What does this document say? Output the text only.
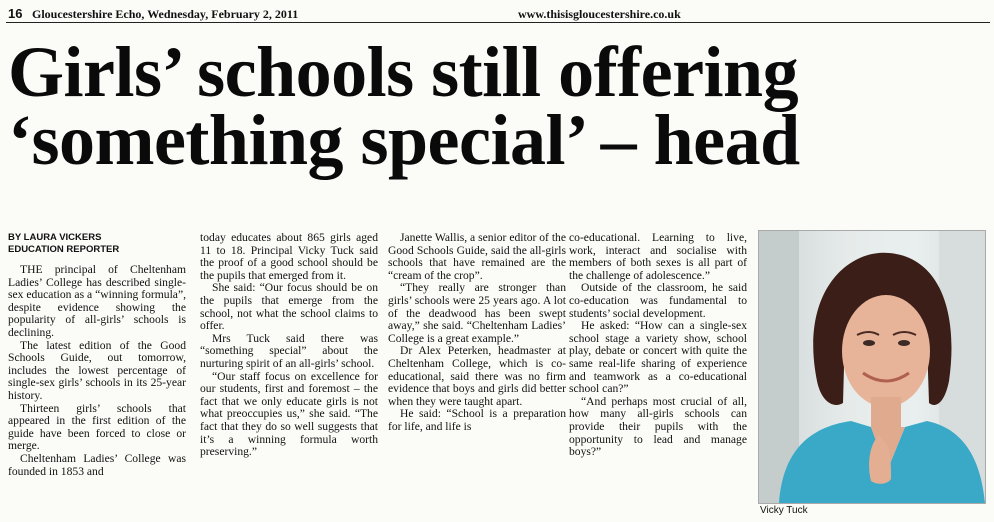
16 Gloucestershire Echo, Wednesday, February 2, 2011	www.thisisgloucestershire.co.uk
Girls’ schools still offering
‘something special’ – head
BY LAURA VICKERS
EDUCATION REPORTER

THE principal of Cheltenham Ladies’ College has described single-sex education as a “winning formula”, despite evidence showing the popularity of all-girls’ schools is declining.

The latest edition of the Good Schools Guide, out tomorrow, includes the lowest percentage of single-sex girls’ schools in its 25-year history.

Thirteen girls’ schools that appeared in the first edition of the guide have been forced to close or merge.

Cheltenham Ladies’ College was founded in 1853 and

today educates about 865 girls aged 11 to 18. Principal Vicky Tuck said the proof of a good school should be the pupils that emerged from it.

She said: “Our focus should be on the pupils that emerge from the school, not what the school claims to offer.

Mrs Tuck said there was “something special” about the nurturing spirit of an all-girls’ school.

“Our staff focus on excellence for our students, first and foremost – the fact that we only educate girls is not what preoccupies us,” she said. “The fact that they do so well suggests that it’s a winning formula worth preserving.”

Janette Wallis, a senior editor of the Good Schools Guide, said the all-girls schools that have remained are the “cream of the crop”.

“They really are stronger than girls’ schools were 25 years ago. A lot of the deadwood has been swept away,” she said. “Cheltenham Ladies’ College is a great example.”

Dr Alex Peterken, headmaster at Cheltenham College, which is co-educational, said there was no firm evidence that boys and girls did better when they were taught apart.

He said: “School is a preparation for life, and life is

co-educational. Learning to live, work, interact and socialise with members of both sexes is all part of the challenge of adolescence.”

Outside of the classroom, he said co-education was fundamental to students’ social development.

He asked: “How can a single-sex school stage a variety show, school play, debate or concert with quite the same real-life sharing of experience and teamwork as a co-educational school can?”

“And perhaps most crucial of all, how many all-girls schools can provide their pupils with the opportunity to lead and manage boys?”

Vicky Tuck
